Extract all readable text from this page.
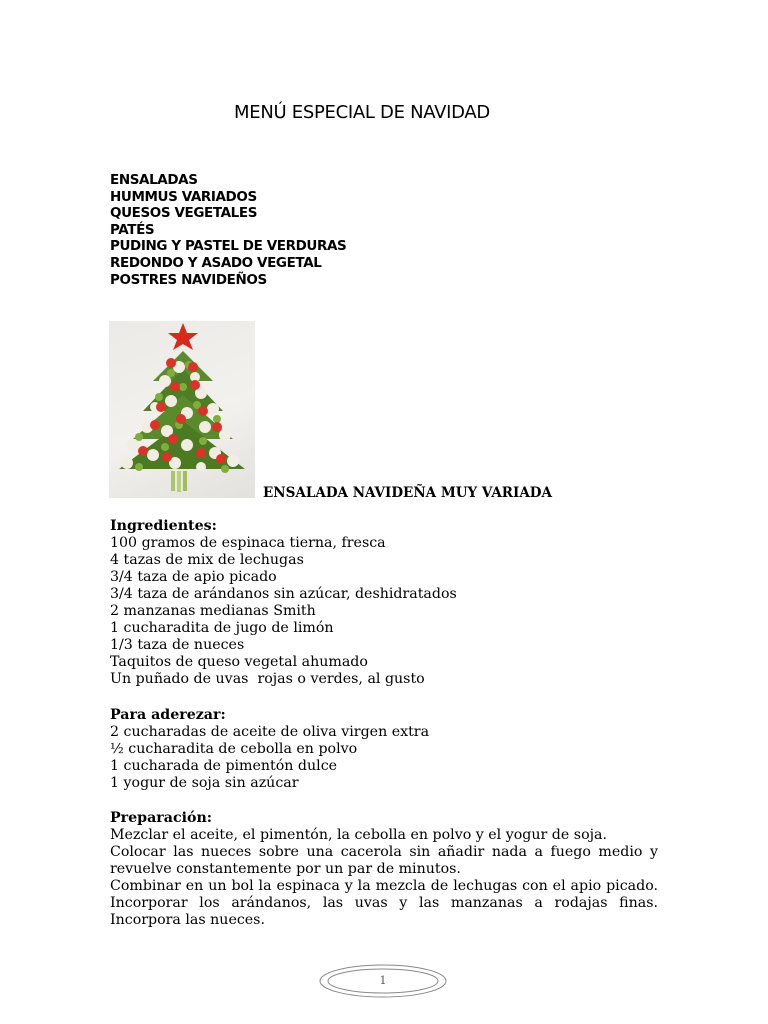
MENÚ ESPECIAL DE NAVIDAD
ENSALADAS
HUMMUS VARIADOS
QUESOS VEGETALES
PATÉS
PUDING Y PASTEL DE VERDURAS
REDONDO Y ASADO VEGETAL
POSTRES NAVIDEÑOS
ENSALADA NAVIDEÑA MUY VARIADA
Ingredientes:
100 gramos de espinaca tierna, fresca
4 tazas de mix de lechugas
3/4 taza de apio picado
3/4 taza de arándanos sin azúcar, deshidratados
2 manzanas medianas Smith
1 cucharadita de jugo de limón
1/3 taza de nueces
Taquitos de queso vegetal ahumado
Un puñado de uvas  rojas o verdes, al gusto
Para aderezar:
2 cucharadas de aceite de oliva virgen extra
½ cucharadita de cebolla en polvo
1 cucharada de pimentón dulce
1 yogur de soja sin azúcar
Preparación:
Mezclar el aceite, el pimentón, la cebolla en polvo y el yogur de soja.
Colocar las nueces sobre una cacerola sin añadir nada a fuego medio y revuelve constantemente por un par de minutos.
Combinar en un bol la espinaca y la mezcla de lechugas con el apio picado. Incorporar los arándanos, las uvas y las manzanas a rodajas finas. Incorpora las nueces.
1
